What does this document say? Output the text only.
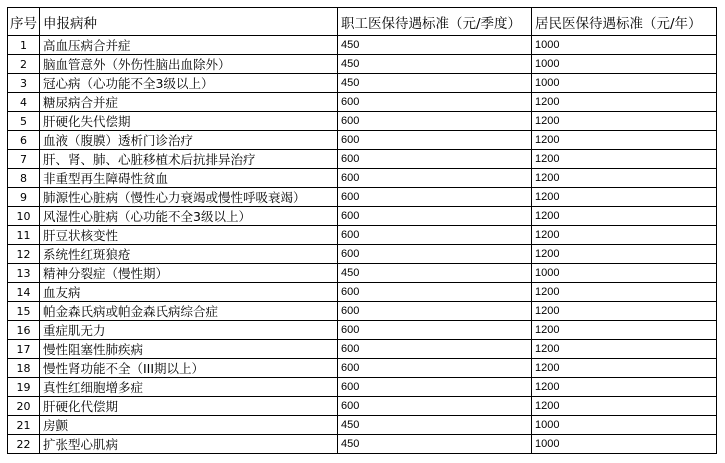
序号	申报病种	职工医保待遇标准（元/季度）	居民医保待遇标准（元/年）
1	高血压病合并症	450	1000
2	脑血管意外（外伤性脑出血除外）	450	1000
3	冠心病（心功能不全3级以上）	450	1000
4	糖尿病合并症	600	1200
5	肝硬化失代偿期	600	1200
6	血液（腹膜）透析门诊治疗	600	1200
7	肝、肾、肺、心脏移植术后抗排异治疗	600	1200
8	非重型再生障碍性贫血	600	1200
9	肺源性心脏病（慢性心力衰竭或慢性呼吸衰竭）	600	1200
10	风湿性心脏病（心功能不全3级以上）	600	1200
11	肝豆状核变性	600	1200
12	系统性红斑狼疮	600	1200
13	精神分裂症（慢性期）	450	1000
14	血友病	600	1200
15	帕金森氏病或帕金森氏病综合症	600	1200
16	重症肌无力	600	1200
17	慢性阻塞性肺疾病	600	1200
18	慢性肾功能不全（III期以上）	600	1200
19	真性红细胞增多症	600	1200
20	肝硬化代偿期	600	1200
21	房颤	450	1000
22	扩张型心肌病	450	1000
